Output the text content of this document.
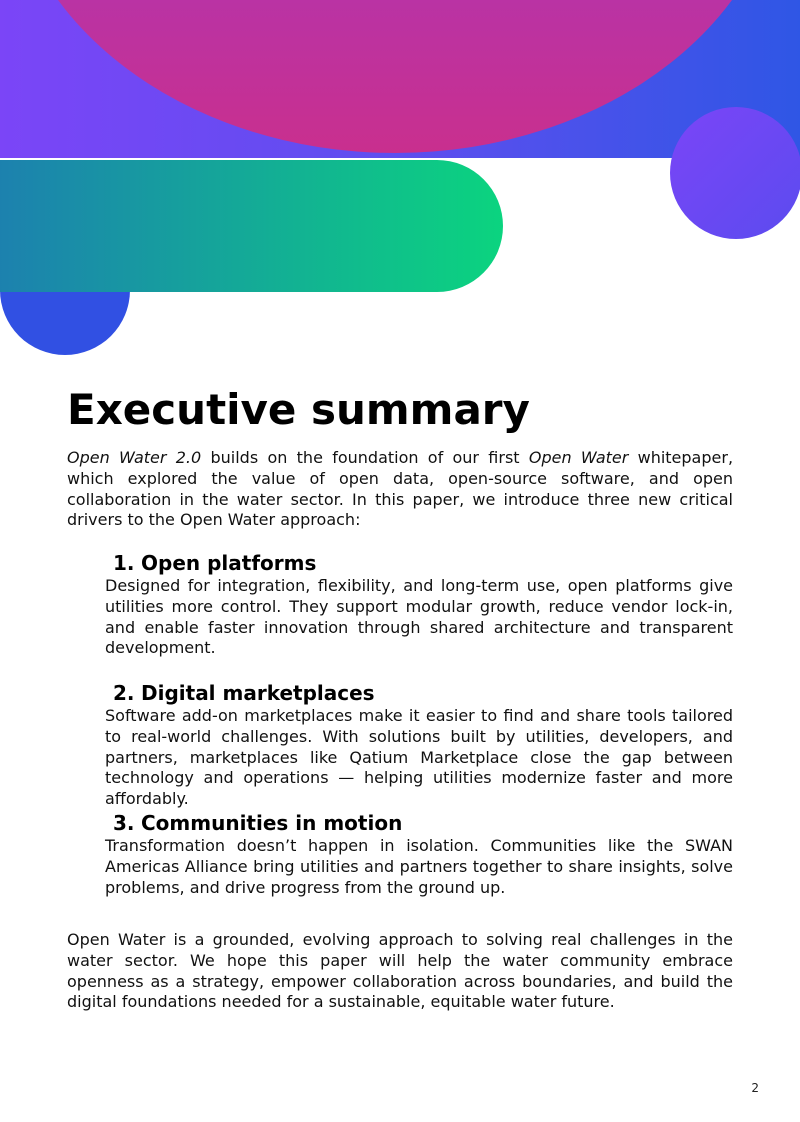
Executive summary

Open Water 2.0 builds on the foundation of our first Open Water whitepaper, which explored the value of open data, open-source software, and open collaboration in the water sector. In this paper, we introduce three new critical drivers to the Open Water approach:

1. Open platforms

Designed for integration, flexibility, and long-term use, open platforms give utilities more control. They support modular growth, reduce vendor lock-in, and enable faster innovation through shared architecture and transparent development.

2. Digital marketplaces

Software add-on marketplaces make it easier to find and share tools tailored to real-world challenges. With solutions built by utilities, developers, and partners, marketplaces like Qatium Marketplace close the gap between technology and operations — helping utilities modernize faster and more affordably.

3. Communities in motion

Transformation doesn’t happen in isolation. Communities like the SWAN Americas Alliance bring utilities and partners together to share insights, solve problems, and drive progress from the ground up.

Open Water is a grounded, evolving approach to solving real challenges in the water sector. We hope this paper will help the water community embrace openness as a strategy, empower collaboration across boundaries, and build the digital foundations needed for a sustainable, equitable water future.

2
